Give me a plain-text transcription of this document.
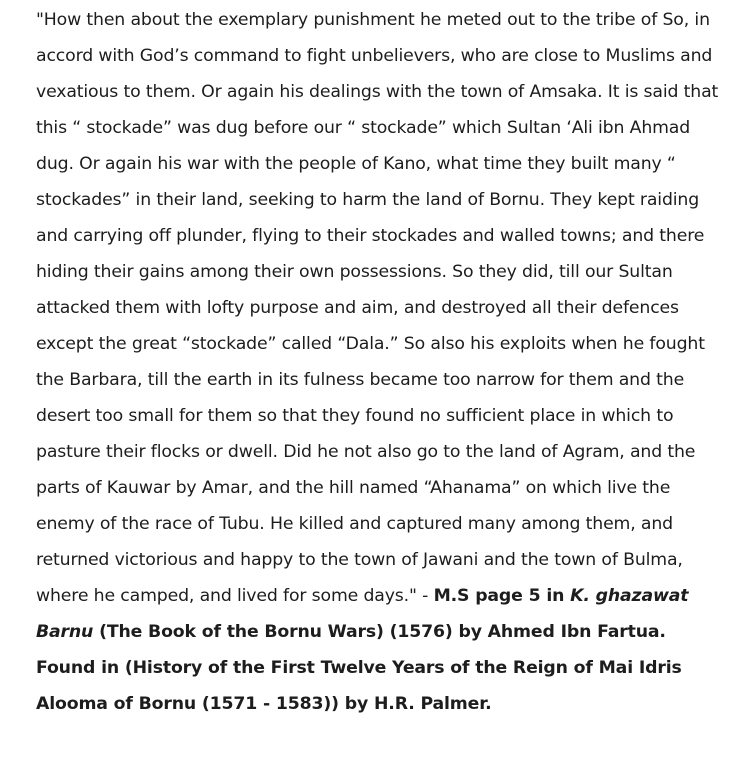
"How then about the exemplary punishment he meted out to the tribe of So, in accord with God’s command to fight unbelievers, who are close to Muslims and vexatious to them. Or again his dealings with the town of Amsaka. It is said that this “ stockade” was dug before our “ stockade” which Sultan ‘Ali ibn Ahmad dug. Or again his war with the people of Kano, what time they built many “ stockades” in their land, seeking to harm the land of Bornu. They kept raiding and carrying off plunder, flying to their stockades and walled towns; and there hiding their gains among their own possessions. So they did, till our Sultan attacked them with lofty purpose and aim, and destroyed all their defences except the great “stockade” called “Dala.” So also his exploits when he fought the Barbara, till the earth in its fulness became too narrow for them and the desert too small for them so that they found no sufficient place in which to pasture their flocks or dwell. Did he not also go to the land of Agram, and the parts of Kauwar by Amar, and the hill named “Ahanama” on which live the enemy of the race of Tubu. He killed and captured many among them, and returned victorious and happy to the town of Jawani and the town of Bulma, where he camped, and lived for some days." - M.S page 5 in K. ghazawat Barnu (The Book of the Bornu Wars) (1576) by Ahmed Ibn Fartua. Found in (History of the First Twelve Years of the Reign of Mai Idris Alooma of Bornu (1571 - 1583)) by H.R. Palmer.
